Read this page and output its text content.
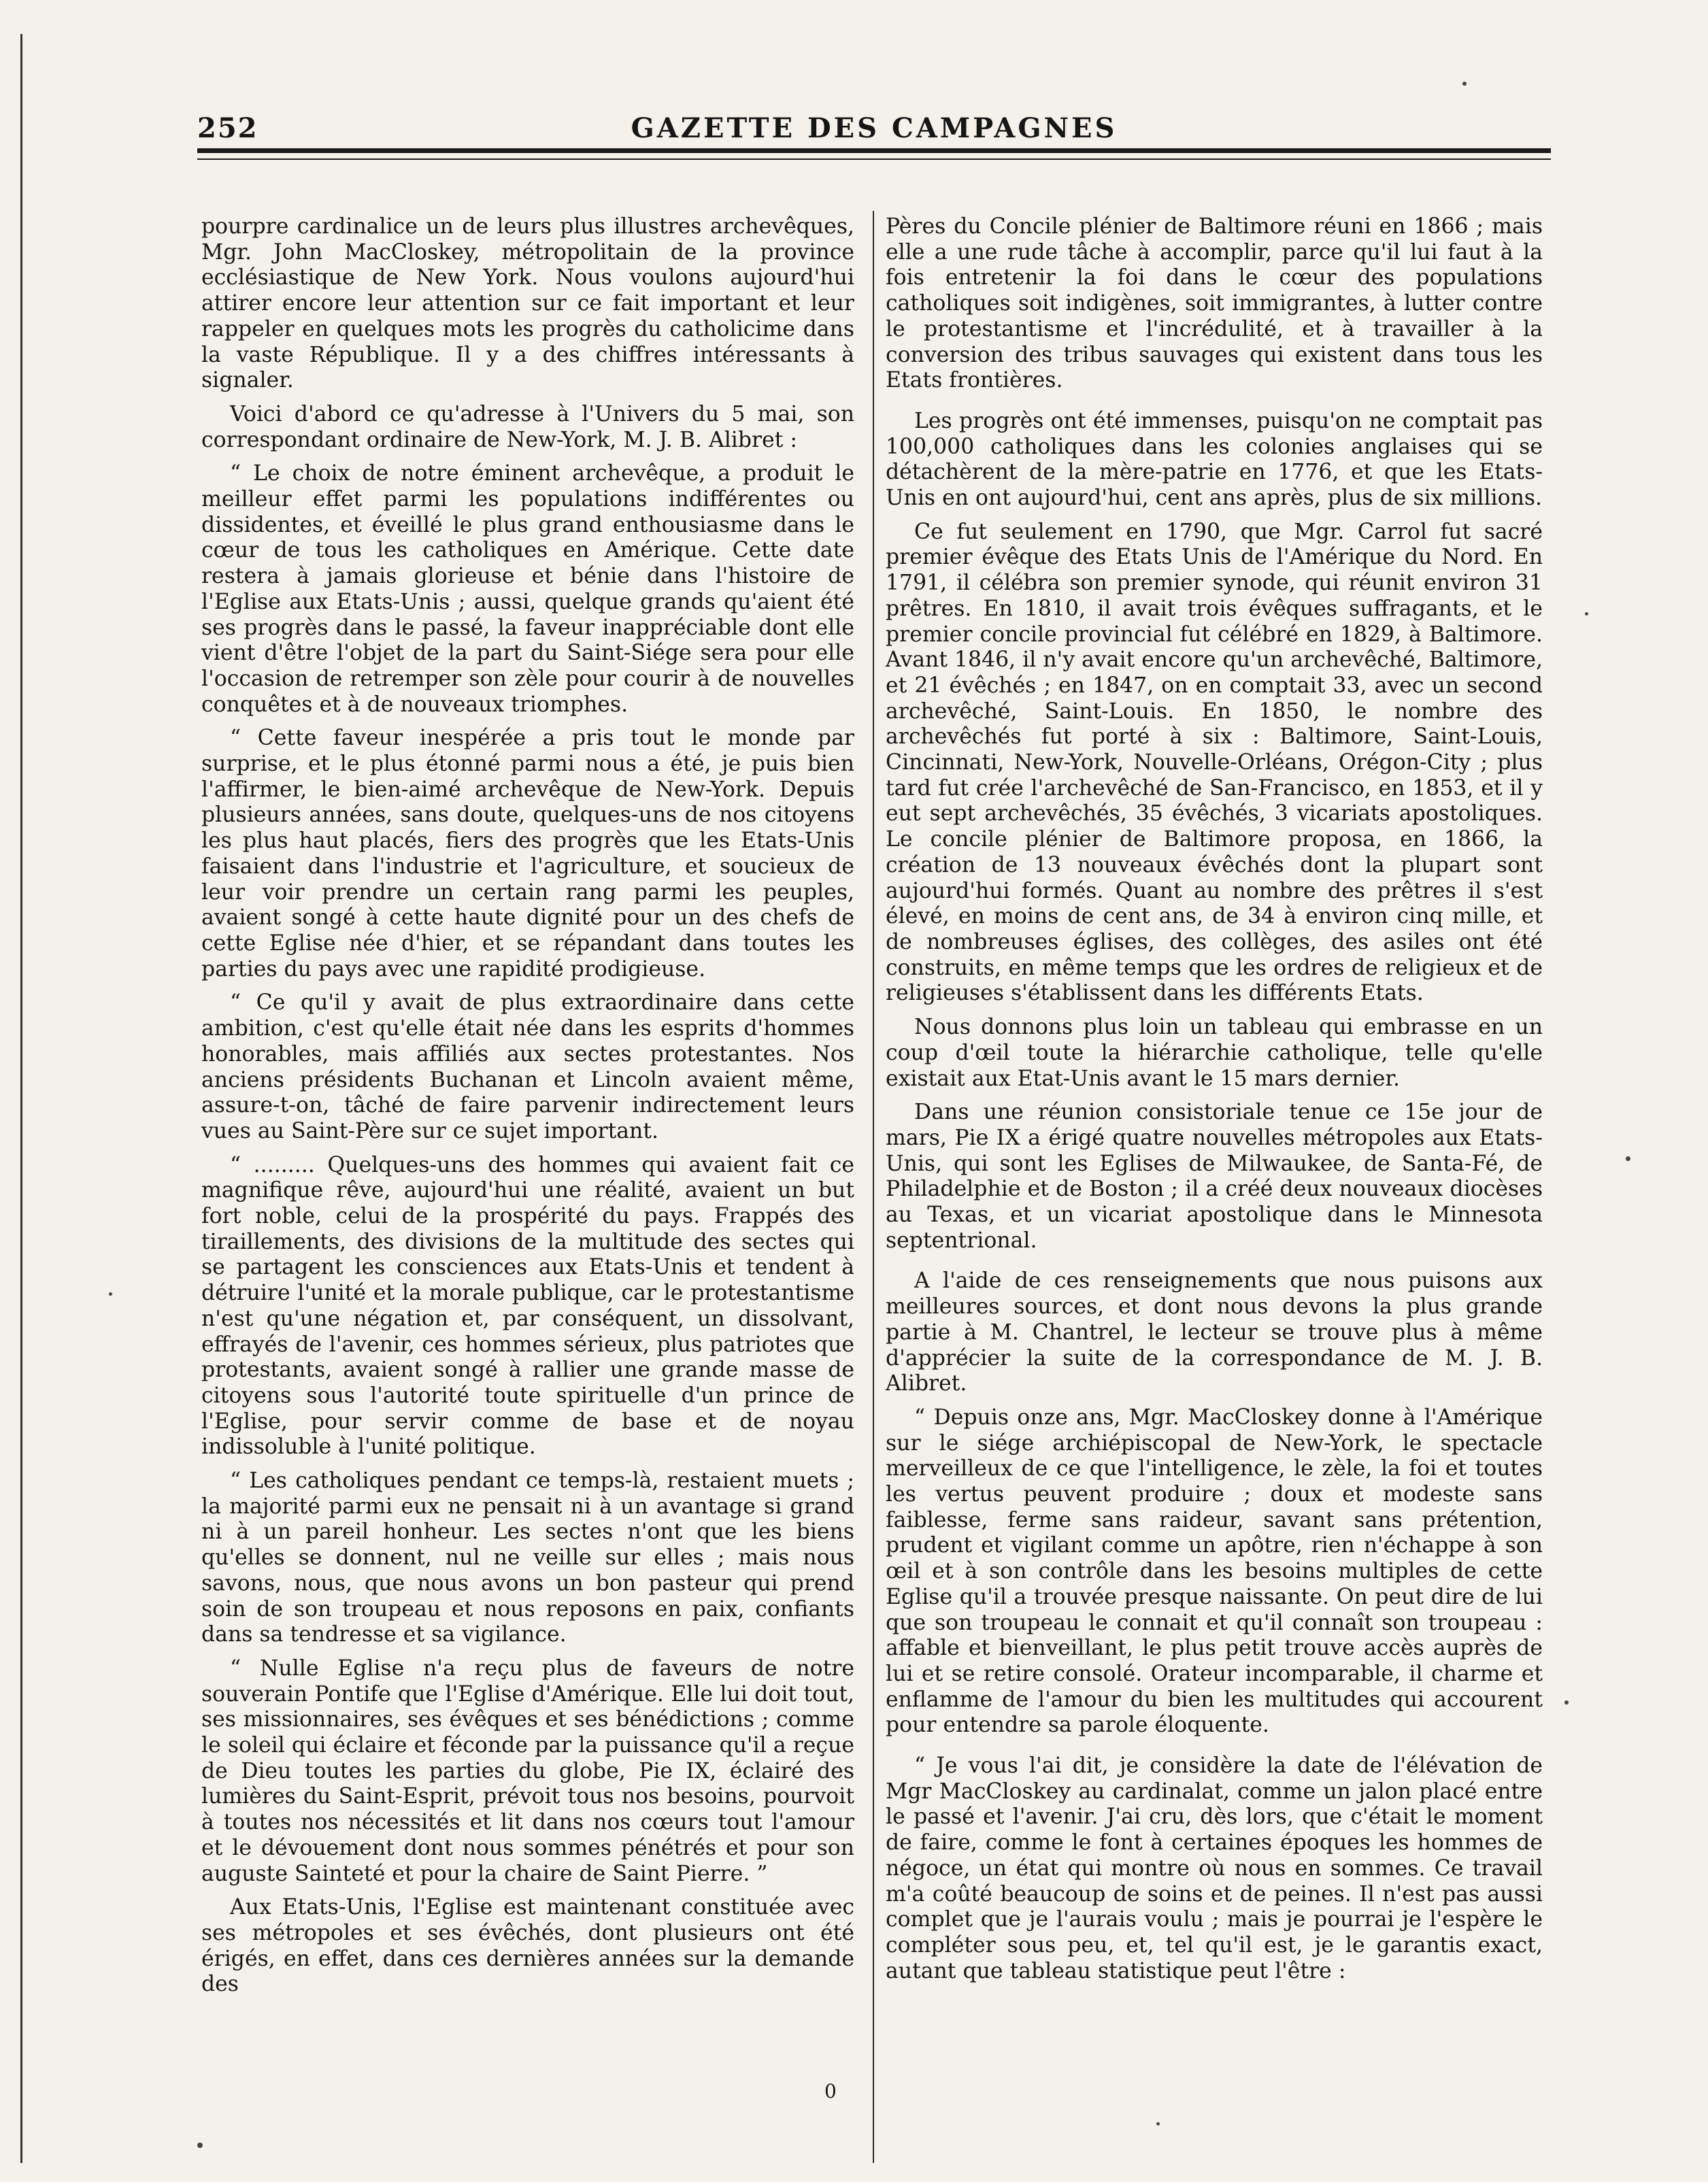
252	GAZETTE DES CAMPAGNES

pourpre cardinalice un de leurs plus illustres archevêques, Mgr. John MacCloskey, métropolitain de la province ecclésiastique de New York. Nous voulons aujourd'hui attirer encore leur attention sur ce fait important et leur rappeler en quelques mots les progrès du catholicime dans la vaste République. Il y a des chiffres intéressants à signaler.

Voici d'abord ce qu'adresse à l'Univers du 5 mai, son correspondant ordinaire de New-York, M. J. B. Alibret :

“ Le choix de notre éminent archevêque, a produit le meilleur effet parmi les populations indifférentes ou dissidentes, et éveillé le plus grand enthousiasme dans le cœur de tous les catholiques en Amérique. Cette date restera à jamais glorieuse et bénie dans l'histoire de l'Eglise aux Etats-Unis ; aussi, quelque grands qu'aient été ses progrès dans le passé, la faveur inappréciable dont elle vient d'être l'objet de la part du Saint-Siége sera pour elle l'occasion de retremper son zèle pour courir à de nouvelles conquêtes et à de nouveaux triomphes.

“ Cette faveur inespérée a pris tout le monde par surprise, et le plus étonné parmi nous a été, je puis bien l'affirmer, le bien-aimé archevêque de New-York. Depuis plusieurs années, sans doute, quelques-uns de nos citoyens les plus haut placés, fiers des progrès que les Etats-Unis faisaient dans l'industrie et l'agriculture, et soucieux de leur voir prendre un certain rang parmi les peuples, avaient songé à cette haute dignité pour un des chefs de cette Eglise née d'hier, et se répandant dans toutes les parties du pays avec une rapidité prodigieuse.

“ Ce qu'il y avait de plus extraordinaire dans cette ambition, c'est qu'elle était née dans les esprits d'hommes honorables, mais affiliés aux sectes protestantes. Nos anciens présidents Buchanan et Lincoln avaient même, assure-t-on, tâché de faire parvenir indirectement leurs vues au Saint-Père sur ce sujet important.

“ ......... Quelques-uns des hommes qui avaient fait ce magnifique rêve, aujourd'hui une réalité, avaient un but fort noble, celui de la prospérité du pays. Frappés des tiraillements, des divisions de la multitude des sectes qui se partagent les consciences aux Etats-Unis et tendent à détruire l'unité et la morale publique, car le protestantisme n'est qu'une négation et, par conséquent, un dissolvant, effrayés de l'avenir, ces hommes sérieux, plus patriotes que protestants, avaient songé à rallier une grande masse de citoyens sous l'autorité toute spirituelle d'un prince de l'Eglise, pour servir comme de base et de noyau indissoluble à l'unité politique.

“ Les catholiques pendant ce temps-là, restaient muets ; la majorité parmi eux ne pensait ni à un avantage si grand ni à un pareil honheur. Les sectes n'ont que les biens qu'elles se donnent, nul ne veille sur elles ; mais nous savons, nous, que nous avons un bon pasteur qui prend soin de son troupeau et nous reposons en paix, confiants dans sa tendresse et sa vigilance.

“ Nulle Eglise n'a reçu plus de faveurs de notre souverain Pontife que l'Eglise d'Amérique. Elle lui doit tout, ses missionnaires, ses évêques et ses bénédictions ; comme le soleil qui éclaire et féconde par la puissance qu'il a reçue de Dieu toutes les parties du globe, Pie IX, éclairé des lumières du Saint-Esprit, prévoit tous nos besoins, pourvoit à toutes nos nécessités et lit dans nos cœurs tout l'amour et le dévouement dont nous sommes pénétrés et pour son auguste Sainteté et pour la chaire de Saint Pierre. ”

Aux Etats-Unis, l'Eglise est maintenant constituée avec ses métropoles et ses évêchés, dont plusieurs ont été érigés, en effet, dans ces dernières années sur la demande des

Pères du Concile plénier de Baltimore réuni en 1866 ; mais elle a une rude tâche à accomplir, parce qu'il lui faut à la fois entretenir la foi dans le cœur des populations catholiques soit indigènes, soit immigrantes, à lutter contre le protestantisme et l'incrédulité, et à travailler à la conversion des tribus sauvages qui existent dans tous les Etats frontières.

Les progrès ont été immenses, puisqu'on ne comptait pas 100,000 catholiques dans les colonies anglaises qui se détachèrent de la mère-patrie en 1776, et que les Etats-Unis en ont aujourd'hui, cent ans après, plus de six millions.

Ce fut seulement en 1790, que Mgr. Carrol fut sacré premier évêque des Etats Unis de l'Amérique du Nord. En 1791, il célébra son premier synode, qui réunit environ 31 prêtres. En 1810, il avait trois évêques suffragants, et le premier concile provincial fut célébré en 1829, à Baltimore. Avant 1846, il n'y avait encore qu'un archevêché, Baltimore, et 21 évêchés ; en 1847, on en comptait 33, avec un second archevêché, Saint-Louis. En 1850, le nombre des archevêchés fut porté à six : Baltimore, Saint-Louis, Cincinnati, New-York, Nouvelle-Orléans, Orégon-City ; plus tard fut crée l'archevêché de San-Francisco, en 1853, et il y eut sept archevêchés, 35 évêchés, 3 vicariats apostoliques. Le concile plénier de Baltimore proposa, en 1866, la création de 13 nouveaux évêchés dont la plupart sont aujourd'hui formés. Quant au nombre des prêtres il s'est élevé, en moins de cent ans, de 34 à environ cinq mille, et de nombreuses églises, des collèges, des asiles ont été construits, en même temps que les ordres de religieux et de religieuses s'établissent dans les différents Etats.

Nous donnons plus loin un tableau qui embrasse en un coup d'œil toute la hiérarchie catholique, telle qu'elle existait aux Etat-Unis avant le 15 mars dernier.

Dans une réunion consistoriale tenue ce 15e jour de mars, Pie IX a érigé quatre nouvelles métropoles aux Etats-Unis, qui sont les Eglises de Milwaukee, de Santa-Fé, de Philadelphie et de Boston ; il a créé deux nouveaux diocèses au Texas, et un vicariat apostolique dans le Minnesota septentrional.

A l'aide de ces renseignements que nous puisons aux meilleures sources, et dont nous devons la plus grande partie à M. Chantrel, le lecteur se trouve plus à même d'apprécier la suite de la correspondance de M. J. B. Alibret.

“ Depuis onze ans, Mgr. MacCloskey donne à l'Amérique sur le siége archiépiscopal de New-York, le spectacle merveilleux de ce que l'intelligence, le zèle, la foi et toutes les vertus peuvent produire ; doux et modeste sans faiblesse, ferme sans raideur, savant sans prétention, prudent et vigilant comme un apôtre, rien n'échappe à son œil et à son contrôle dans les besoins multiples de cette Eglise qu'il a trouvée presque naissante. On peut dire de lui que son troupeau le connait et qu'il connaît son troupeau : affable et bienveillant, le plus petit trouve accès auprès de lui et se retire consolé. Orateur incomparable, il charme et enflamme de l'amour du bien les multitudes qui accourent pour entendre sa parole éloquente.

“ Je vous l'ai dit, je considère la date de l'élévation de Mgr MacCloskey au cardinalat, comme un jalon placé entre le passé et l'avenir. J'ai cru, dès lors, que c'était le moment de faire, comme le font à certaines époques les hommes de négoce, un état qui montre où nous en sommes. Ce travail m'a coûté beaucoup de soins et de peines. Il n'est pas aussi complet que je l'aurais voulu ; mais je pourrai je l'espère le compléter sous peu, et, tel qu'il est, je le garantis exact, autant que tableau statistique peut l'être :

0
